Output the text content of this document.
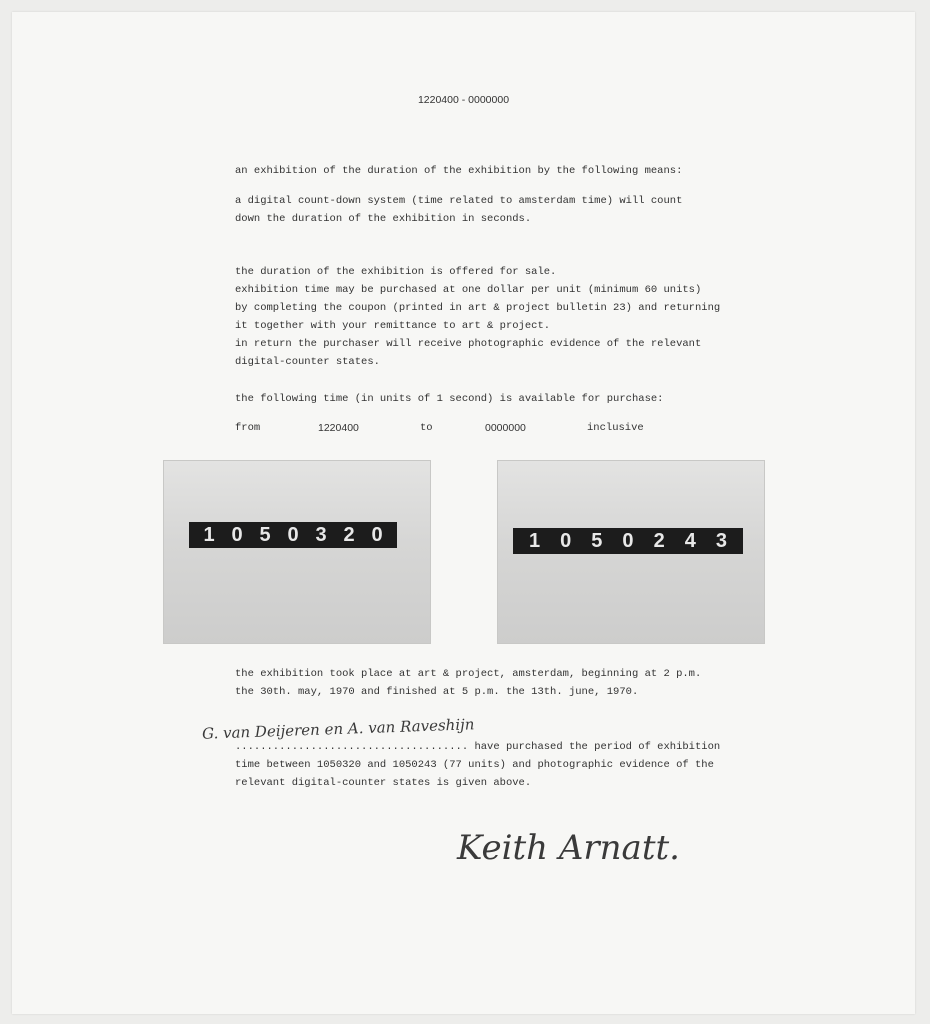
1220400 - 0000000

an exhibition of the duration of the exhibition by the following means:

a digital count-down system (time related to amsterdam time) will count

down the duration of the exhibition in seconds.

the duration of the exhibition is offered for sale.

exhibition time may be purchased at one dollar per unit (minimum 60 units)

by completing the coupon (printed in art & project bulletin 23) and returning

it together with your remittance to art & project.

in return the purchaser will receive photographic evidence of the relevant

digital-counter states.

the following time (in units of 1 second) is available for purchase:

from	1220400	to	0000000	inclusive

1 0 5 0 3 2 0	1 0 5 0 2 4 3

the exhibition took place at art & project, amsterdam, beginning at 2 p.m.

the 30th. may, 1970 and finished at 5 p.m. the 13th. june, 1970.

G. van Deijeren en A. van Raveshijn

..................................... have purchased the period of exhibition

time between 1050320 and 1050243 (77 units) and photographic evidence of the

relevant digital-counter states is given above.

Keith Arnatt.
